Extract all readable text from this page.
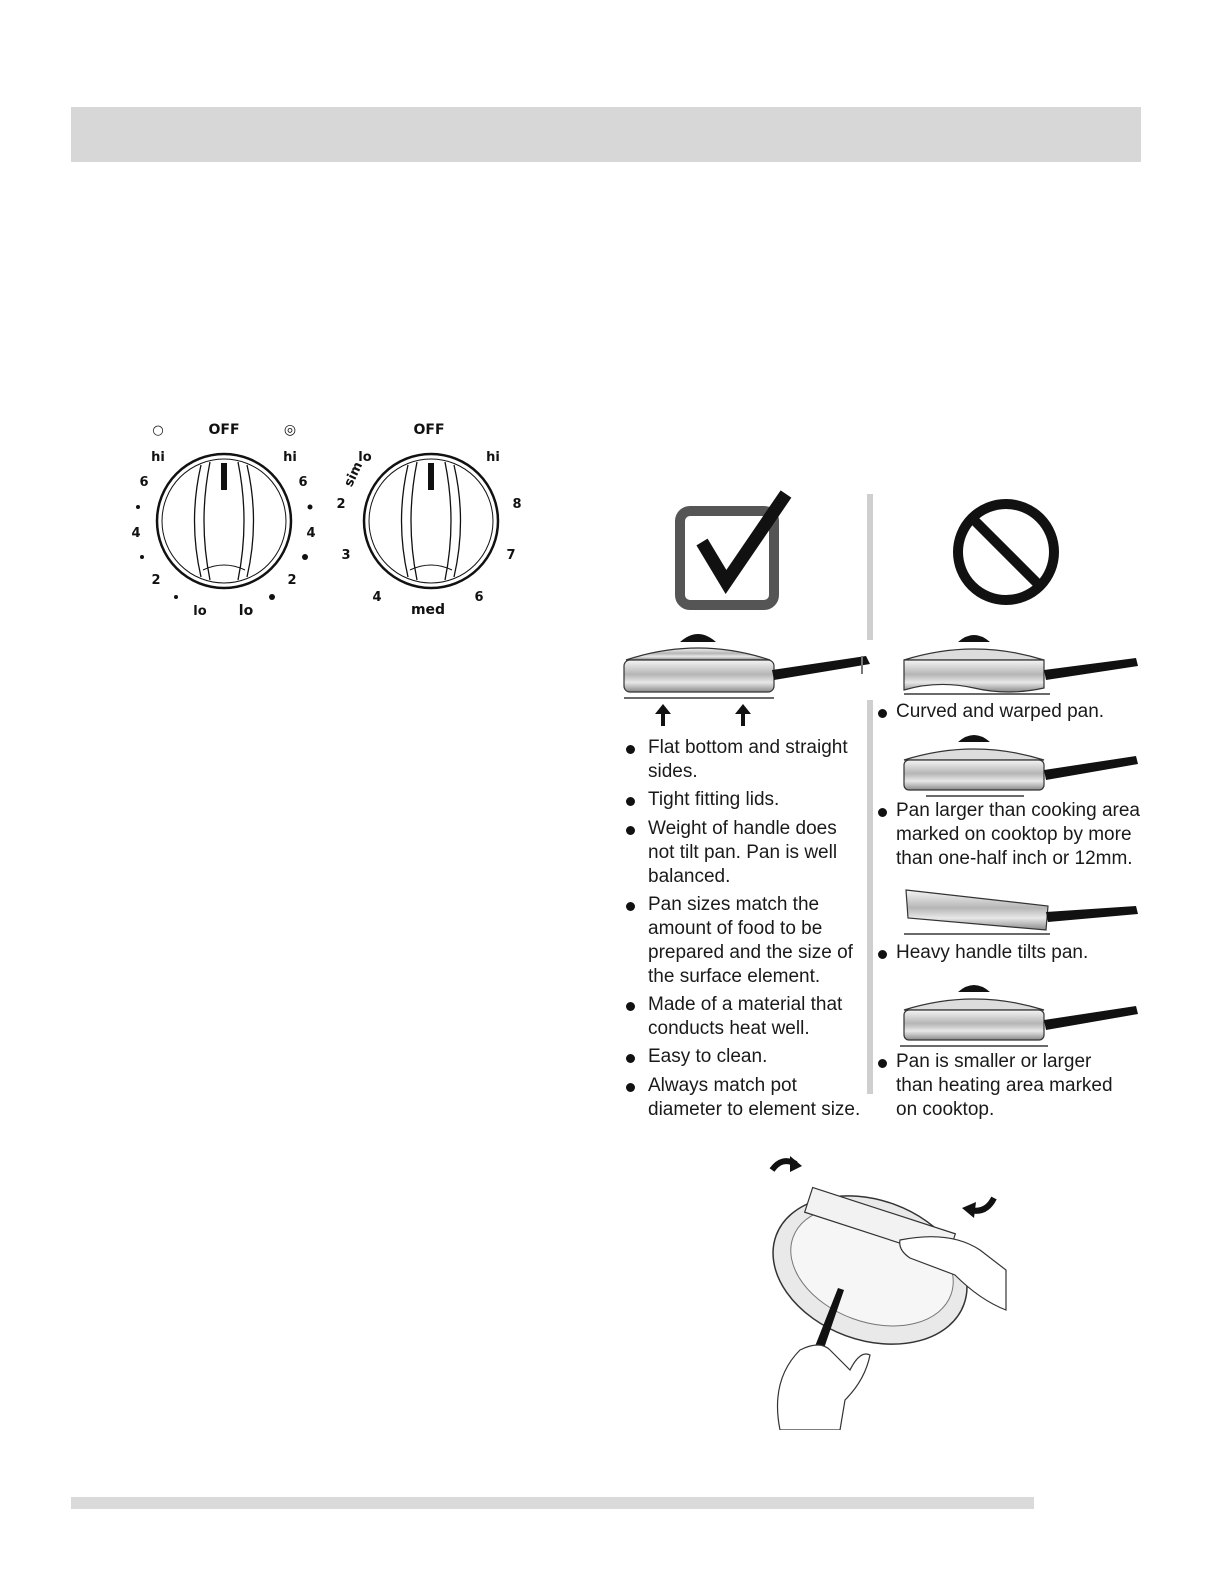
OFF
○	◎
hi
6
4
2
lo
hi
6
4
2
lo
OFF
lo
sim
2
3
4
med
6
7
8
hi
Flat bottom and straight sides.
Tight fitting lids.
Weight of handle does not tilt pan. Pan is well balanced.
Pan sizes match the amount of food to be prepared and the size of the surface element.
Made of a material that conducts heat well.
Easy to clean.
Always match pot diameter to element size.
Curved and warped pan.
Pan larger than cooking area marked on cooktop by more than one-half inch or 12mm.
Heavy handle tilts pan.
Pan is smaller or larger than heating area marked on cooktop.
